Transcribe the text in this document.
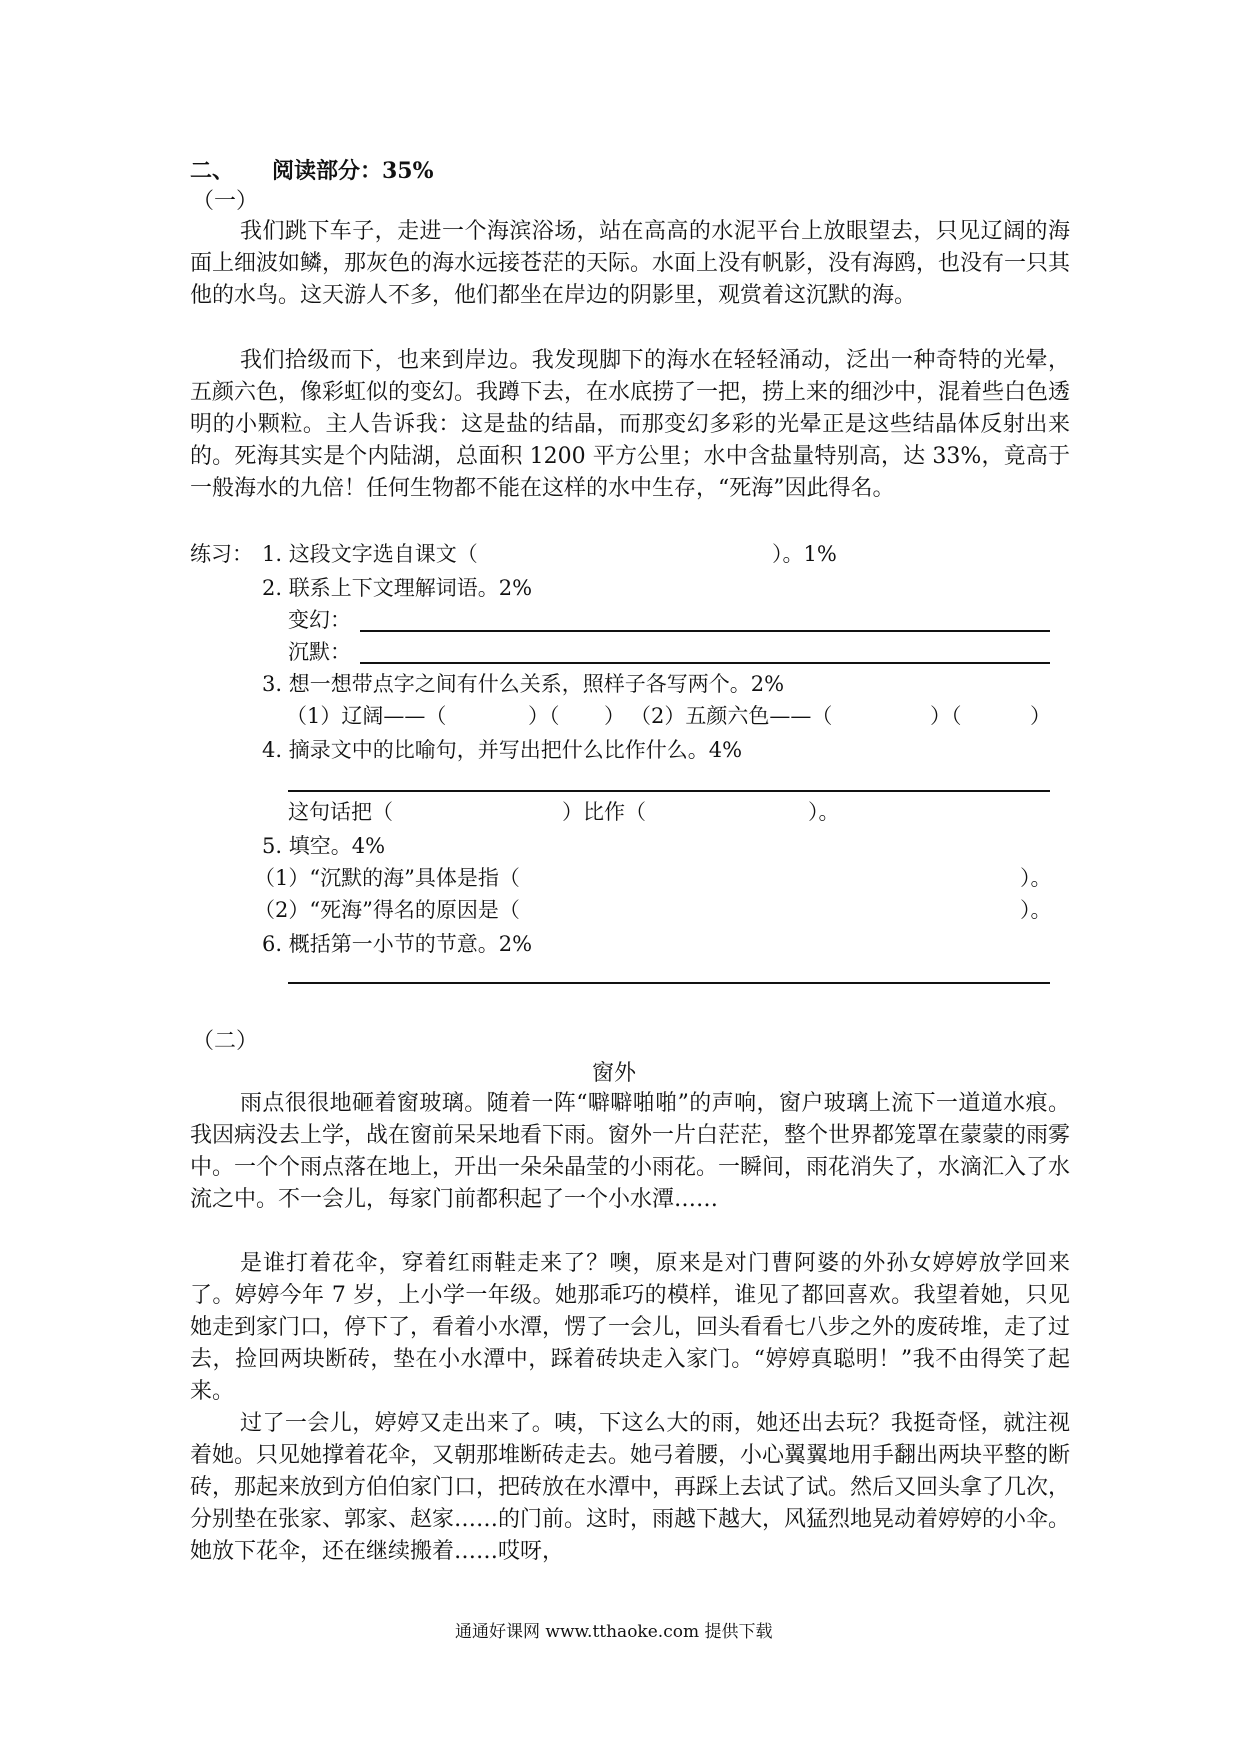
二、 阅读部分：35%
（一）
我们跳下车子，走进一个海滨浴场，站在高高的水泥平台上放眼望去，只见辽阔的海面上细波如鳞，那灰色的海水远接苍茫的天际。水面上没有帆影，没有海鸥，也没有一只其他的水鸟。这天游人不多，他们都坐在岸边的阴影里，观赏着这沉默的海。
我们拾级而下，也来到岸边。我发现脚下的海水在轻轻涌动，泛出一种奇特的光晕，五颜六色，像彩虹似的变幻。我蹲下去，在水底捞了一把，捞上来的细沙中，混着些白色透明的小颗粒。主人告诉我：这是盐的结晶，而那变幻多彩的光晕正是这些结晶体反射出来的。死海其实是个内陆湖，总面积 1200 平方公里；水中含盐量特别高，达 33%，竟高于一般海水的九倍！任何生物都不能在这样的水中生存，“死海”因此得名。
练习： 1. 这段文字选自课文（	）。1%
2. 联系上下文理解词语。2%
变幻：
沉默：
3. 想一想带点字之间有什么关系，照样子各写两个。2%
（1）辽阔——（	）（ ） （2）五颜六色——（	）（	）
4. 摘录文中的比喻句，并写出把什么比作什么。4%
这句话把（	）比作（	）。
5. 填空。4%
（1）“沉默的海”具体是指（	）。
（2）“死海”得名的原因是（	）。
6. 概括第一小节的节意。2%
（二）
窗外
雨点很很地砸着窗玻璃。随着一阵“噼噼啪啪”的声响，窗户玻璃上流下一道道水痕。我因病没去上学，战在窗前呆呆地看下雨。窗外一片白茫茫，整个世界都笼罩在蒙蒙的雨雾中。一个个雨点落在地上，开出一朵朵晶莹的小雨花。一瞬间，雨花消失了，水滴汇入了水流之中。不一会儿，每家门前都积起了一个小水潭……
是谁打着花伞，穿着红雨鞋走来了？噢，原来是对门曹阿婆的外孙女婷婷放学回来了。婷婷今年 7 岁，上小学一年级。她那乖巧的模样，谁见了都回喜欢。我望着她，只见她走到家门口，停下了，看着小水潭，愣了一会儿，回头看看七八步之外的废砖堆，走了过去，捡回两块断砖，垫在小水潭中，踩着砖块走入家门。“婷婷真聪明！”我不由得笑了起来。
过了一会儿，婷婷又走出来了。咦，下这么大的雨，她还出去玩？我挺奇怪，就注视着她。只见她撑着花伞，又朝那堆断砖走去。她弓着腰，小心翼翼地用手翻出两块平整的断砖，那起来放到方伯伯家门口，把砖放在水潭中，再踩上去试了试。然后又回头拿了几次，分别垫在张家、郭家、赵家……的门前。这时，雨越下越大，风猛烈地晃动着婷婷的小伞。她放下花伞，还在继续搬着……哎呀，
通通好课网 www.tthaoke.com 提供下载
